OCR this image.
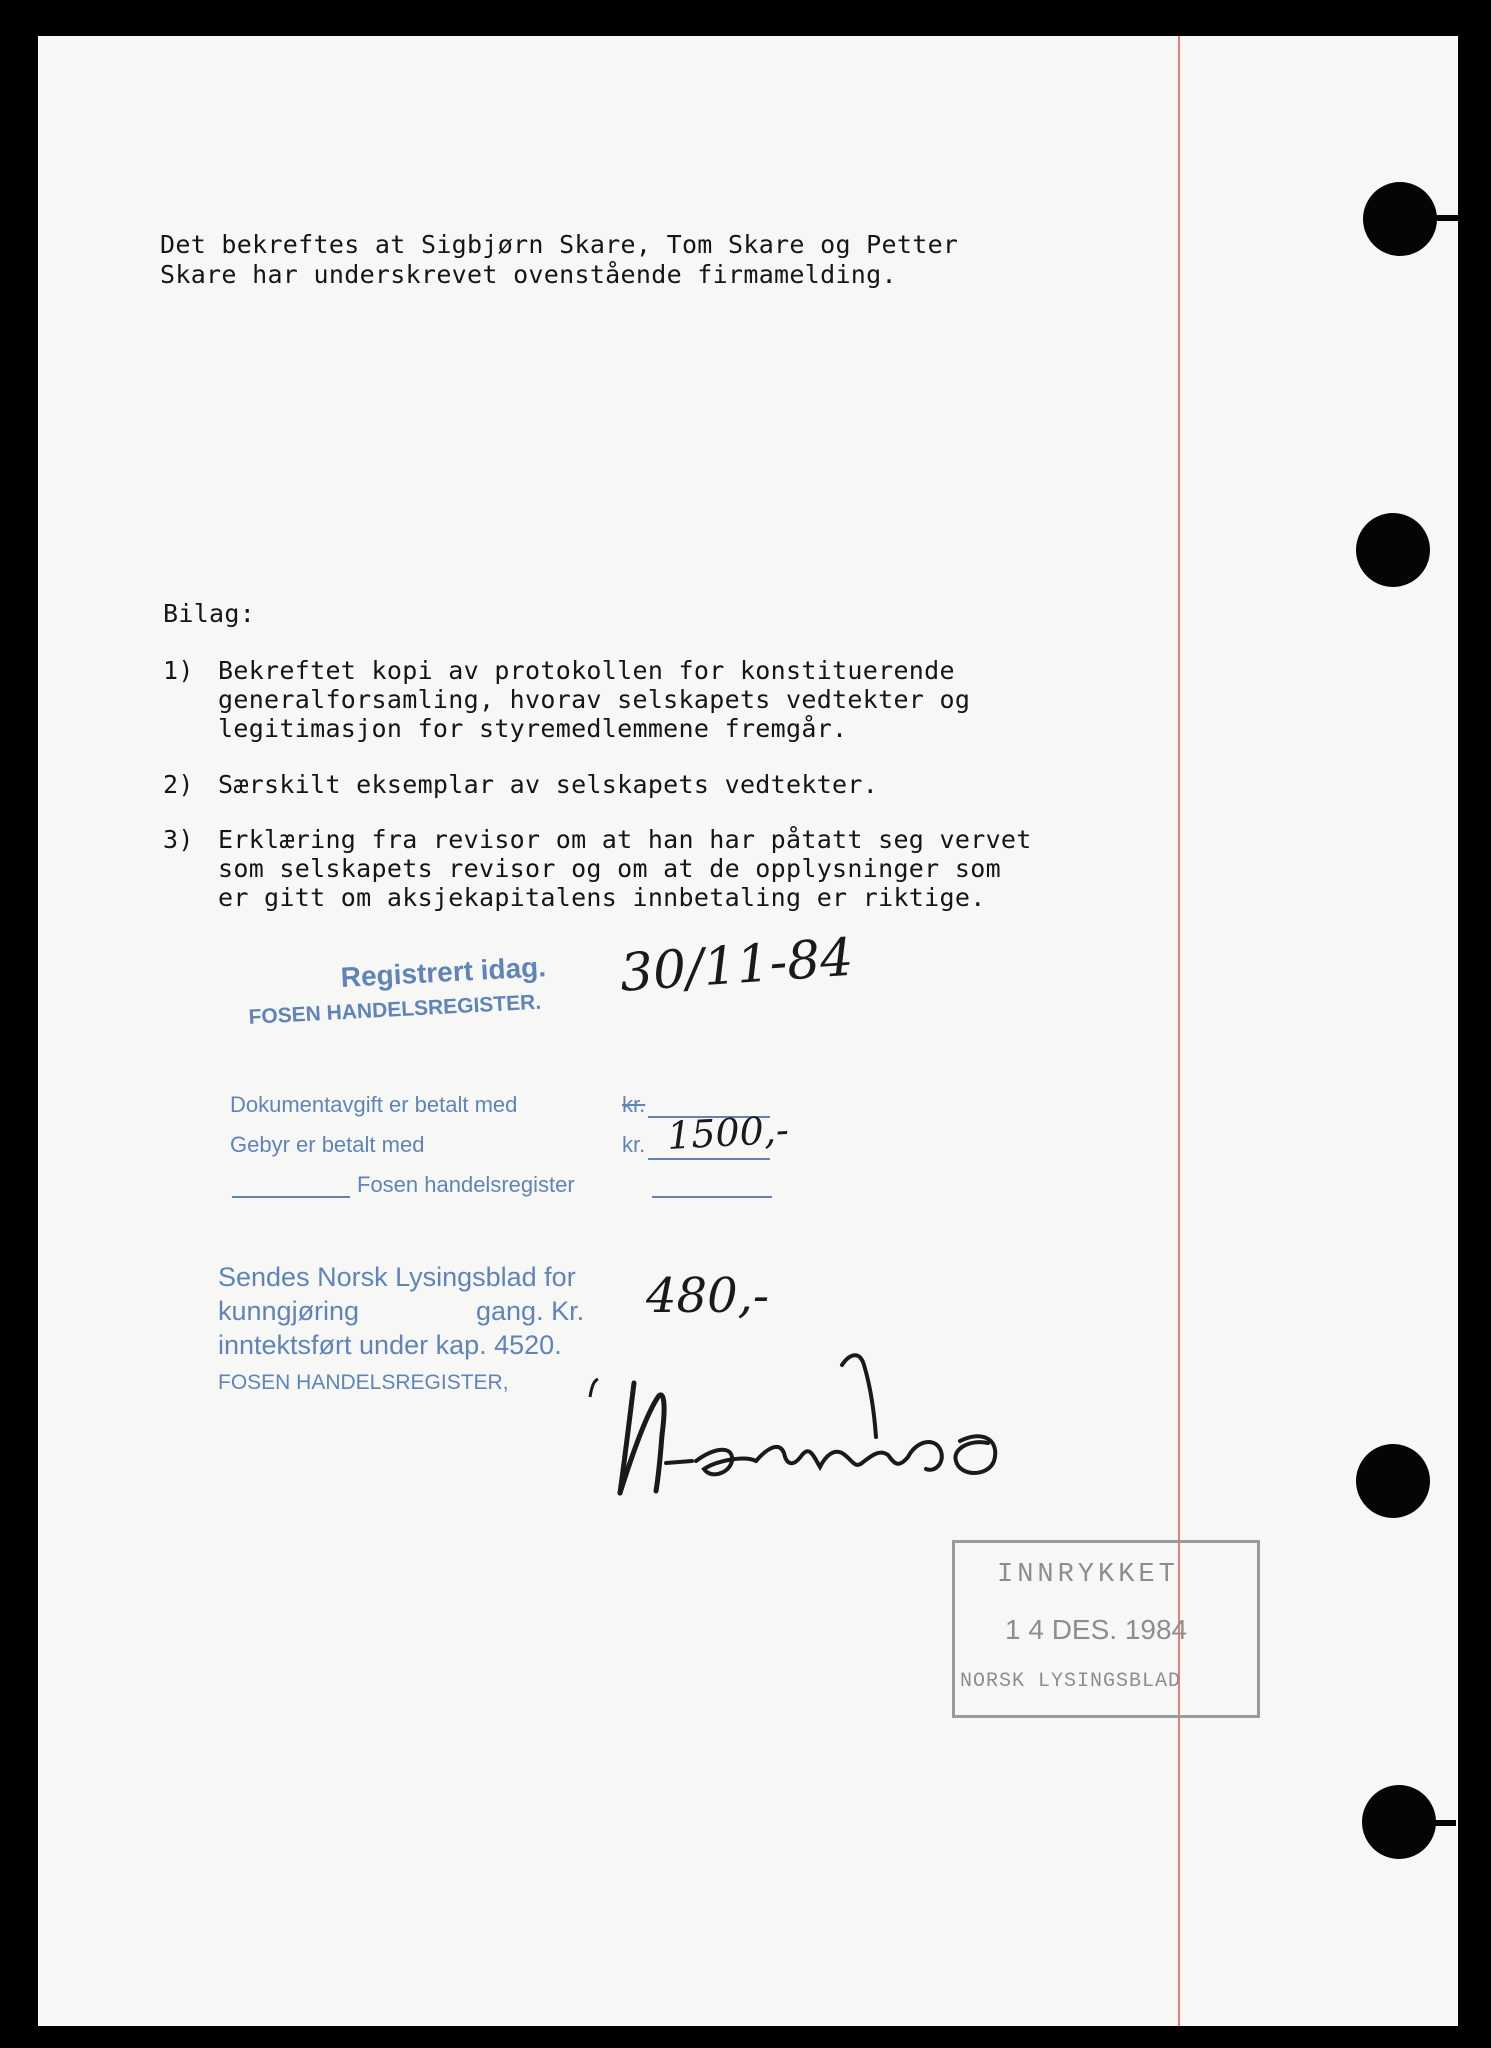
Det bekreftes at Sigbjørn Skare, Tom Skare og Petter
Skare har underskrevet ovenstående firmamelding.
Bilag:
1) Bekreftet kopi av protokollen for konstituerende
generalforsamling, hvorav selskapets vedtekter og
legitimasjon for styremedlemmene fremgår.
2) Særskilt eksemplar av selskapets vedtekter.
3) Erklæring fra revisor om at han har påtatt seg vervet
som selskapets revisor og om at de opplysninger som
er gitt om aksjekapitalens innbetaling er riktige.
Registrert idag.
FOSEN HANDELSREGISTER.
30/11-84
Dokumentavgift er betalt med	kr.
Gebyr er betalt med	kr. 1500,-
Fosen handelsregister
Sendes Norsk Lysingsblad for
kunngjøring	gang. Kr. 480,-
inntektsført under kap. 4520.
FOSEN HANDELSREGISTER,
INNRYKKET
1 4 DES. 1984
NORSK LYSINGSBLAD
